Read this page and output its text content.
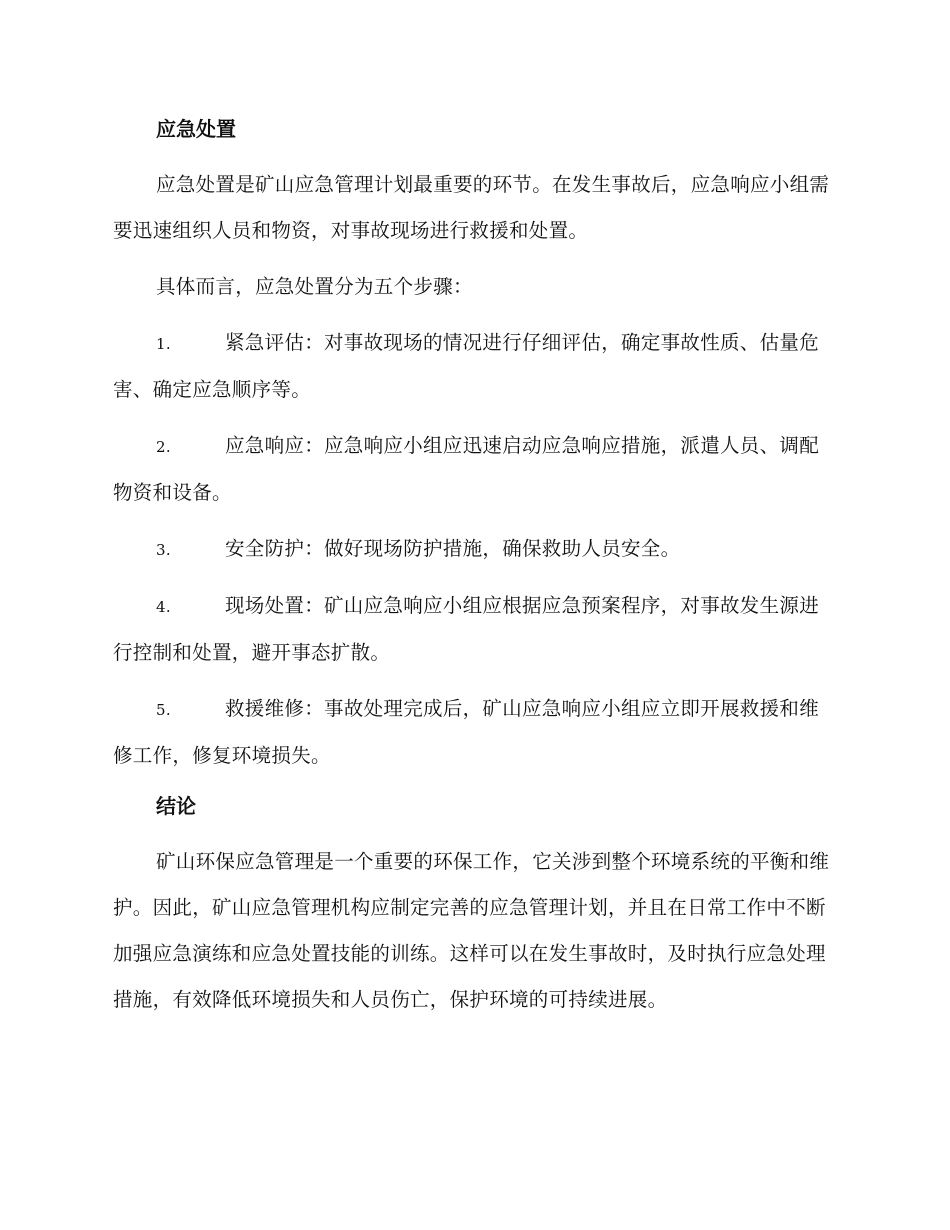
应急处置

应急处置是矿山应急管理计划最重要的环节。在发生事故后，应急响应小组需要迅速组织人员和物资，对事故现场进行救援和处置。

具体而言，应急处置分为五个步骤：

1.	紧急评估：对事故现场的情况进行仔细评估，确定事故性质、估量危害、确定应急顺序等。

2.	应急响应：应急响应小组应迅速启动应急响应措施，派遣人员、调配物资和设备。

3.	安全防护：做好现场防护措施，确保救助人员安全。

4.	现场处置：矿山应急响应小组应根据应急预案程序，对事故发生源进行控制和处置，避开事态扩散。

5.	救援维修：事故处理完成后，矿山应急响应小组应立即开展救援和维修工作，修复环境损失。

结论

矿山环保应急管理是一个重要的环保工作，它关涉到整个环境系统的平衡和维护。因此，矿山应急管理机构应制定完善的应急管理计划，并且在日常工作中不断加强应急演练和应急处置技能的训练。这样可以在发生事故时，及时执行应急处理措施，有效降低环境损失和人员伤亡，保护环境的可持续进展。
